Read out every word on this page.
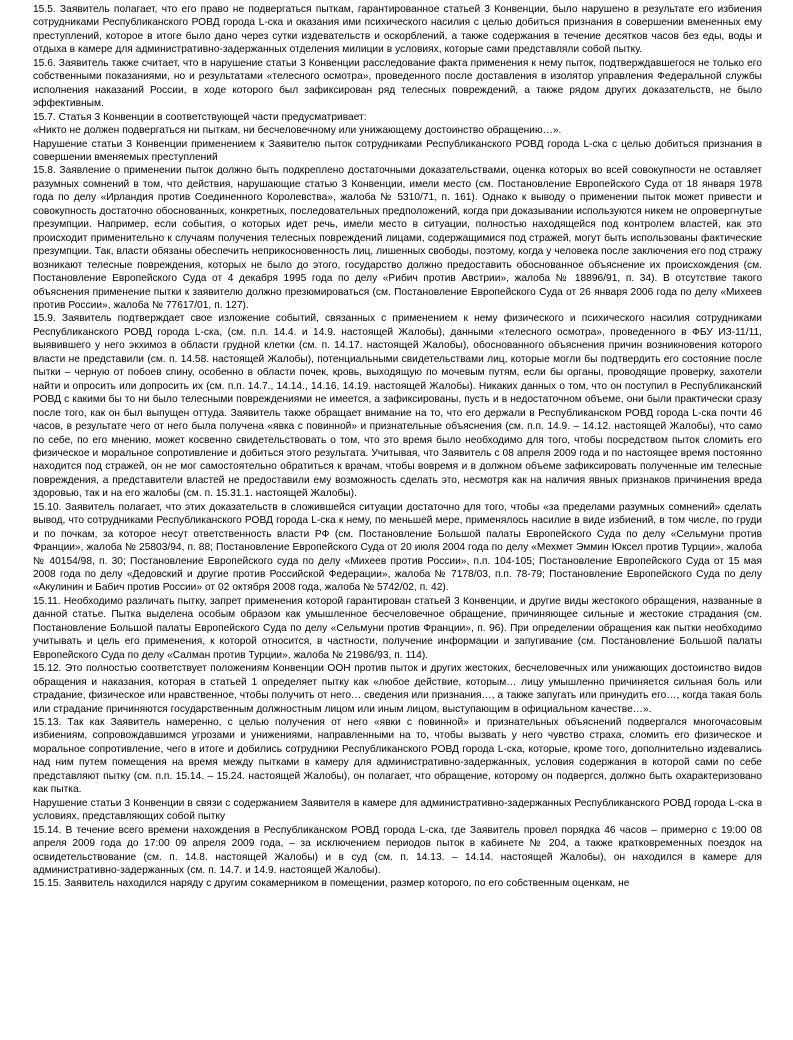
15.5. Заявитель полагает, что его право не подвергаться пыткам, гарантированное статьей 3 Конвенции, было нарушено в результате его избиения сотрудниками Республиканского РОВД города L-ска и оказания ими психического насилия с целью добиться признания в совершении вмененных ему преступлений, которое в итоге было дано через сутки издевательств и оскорблений, а также содержания в течение десятков часов без еды, воды и отдыха в камере для административно-задержанных отделения милиции в условиях, которые сами представляли собой пытку.

15.6. Заявитель также считает, что в нарушение статьи 3 Конвенции расследование факта применения к нему пыток, подтверждавшегося не только его собственными показаниями, но и результатами «телесного осмотра», проведенного после доставления в изолятор управления Федеральной службы исполнения наказаний России, в ходе которого был зафиксирован ряд телесных повреждений, а также рядом других доказательств, не было эффективным.

15.7. Статья 3 Конвенции в соответствующей части предусматривает:

«Никто не должен подвергаться ни пыткам, ни бесчеловечному или унижающему достоинство обращению…».

Нарушение статьи 3 Конвенции применением к Заявителю пыток сотрудниками Республиканского РОВД города L-ска с целью добиться признания в совершении вменяемых преступлений

15.8. Заявление о применении пыток должно быть подкреплено достаточными доказательствами, оценка которых во всей совокупности не оставляет разумных сомнений в том, что действия, нарушающие статью 3 Конвенции, имели место (см. Постановление Европейского Суда от 18 января 1978 года по делу «Ирландия против Соединенного Королевства», жалоба № 5310/71, п. 161). Однако к выводу о применении пыток может привести и совокупность достаточно обоснованных, конкретных, последовательных предположений, когда при доказывании используются никем не опровергнутые презумпции. Например, если события, о которых идет речь, имели место в ситуации, полностью находящейся под контролем властей, как это происходит применительно к случаям получения телесных повреждений лицами, содержащимися под стражей, могут быть использованы фактические презумпции. Так, власти обязаны обеспечить неприкосновенность лиц, лишенных свободы, поэтому, когда у человека после заключения его под стражу возникают телесные повреждения, которых не было до этого, государство должно предоставить обоснованное объяснение их происхождения (см. Постановление Европейского Суда от 4 декабря 1995 года по делу «Рибич против Австрии», жалоба № 18896/91, п. 34). В отсутствие такого объяснения применение пытки к заявителю должно презюмироваться (см. Постановление Европейского Суда от 26 января 2006 года по делу «Михеев против России», жалоба № 77617/01, п. 127).

15.9. Заявитель подтверждает свое изложение событий, связанных с применением к нему физического и психического насилия сотрудниками Республиканского РОВД города L-ска, (см. п.п. 14.4. и 14.9. настоящей Жалобы), данными «телесного осмотра», проведенного в ФБУ ИЗ-11/11, выявившего у него экхимоз в области грудной клетки (см. п. 14.17. настоящей Жалобы), обоснованного объяснения причин возникновения которого власти не представили (см. п. 14.58. настоящей Жалобы), потенциальными свидетельствами лиц, которые могли бы подтвердить его состояние после пытки – черную от побоев спину, особенно в области почек, кровь, выходящую по мочевым путям, если бы органы, проводящие проверку, захотели найти и опросить или допросить их (см. п.п. 14.7., 14.14., 14.16, 14.19. настоящей Жалобы). Никаких данных о том, что он поступил в Республиканский РОВД с какими бы то ни было телесными повреждениями не имеется, а зафиксированы, пусть и в недостаточном объеме, они были практически сразу после того, как он был выпущен оттуда. Заявитель также обращает внимание на то, что его держали в Республиканском РОВД города L-ска почти 46 часов, в результате чего от него была получена «явка с повинной» и признательные объяснения (см. п.п. 14.9. – 14.12. настоящей Жалобы), что само по себе, по его мнению, может косвенно свидетельствовать о том, что это время было необходимо для того, чтобы посредством пыток сломить его физическое и моральное сопротивление и добиться этого результата. Учитывая, что Заявитель с 08 апреля 2009 года и по настоящее время постоянно находится под стражей, он не мог самостоятельно обратиться к врачам, чтобы вовремя и в должном объеме зафиксировать полученные им телесные повреждения, а представители властей не предоставили ему возможность сделать это, несмотря как на наличия явных признаков причинения вреда здоровью, так и на его жалобы (см. п. 15.31.1. настоящей Жалобы).

15.10. Заявитель полагает, что этих доказательств в сложившейся ситуации достаточно для того, чтобы «за пределами разумных сомнений» сделать вывод, что сотрудниками Республиканского РОВД города L-ска к нему, по меньшей мере, применялось насилие в виде избиений, в том числе, по груди и по почкам, за которое несут ответственность власти РФ (см. Постановление Большой палаты Европейского Суда по делу «Сельмуни против Франции», жалоба № 25803/94, п. 88; Постановление Европейского Суда от 20 июля 2004 года по делу «Мехмет Эммин Юксел против Турции», жалоба № 40154/98, п. 30; Постановление Европейского суда по делу «Михеев против России», п.п. 104-105; Постановление Европейского Суда от 15 мая 2008 года по делу «Дедовский и другие против Российской Федерации», жалоба № 7178/03, п.п. 78-79; Постановление Европейского Суда по делу «Акулинин и Бабич против России» от 02 октября 2008 года, жалоба № 5742/02, п. 42).

15.11. Необходимо различать пытку, запрет применения которой гарантирован статьей 3 Конвенции, и другие виды жестокого обращения, названные в данной статье. Пытка выделена особым образом как умышленное бесчеловечное обращение, причиняющее сильные и жестокие страдания (см. Постановление Большой палаты Европейского Суда по делу «Сельмуни против Франции», п. 96). При определении обращения как пытки необходимо учитывать и цель его применения, к которой относится, в частности, получение информации и запугивание (см. Постановление Большой палаты Европейского Суда по делу «Салман против Турции», жалоба № 21986/93, п. 114).

15.12. Это полностью соответствует положениям Конвенции ООН против пыток и других жестоких, бесчеловечных или унижающих достоинство видов обращения и наказания, которая в статьей 1 определяет пытку как «любое действие, которым… лицу умышленно причиняется сильная боль или страдание, физическое или нравственное, чтобы получить от него… сведения или признания…, а также запугать или принудить его…, когда такая боль или страдание причиняются государственным должностным лицом или иным лицом, выступающим в официальном качестве…».

15.13. Так как Заявитель намеренно, с целью получения от него «явки с повинной» и признательных объяснений подвергался многочасовым избиениям, сопровождавшимся угрозами и унижениями, направленными на то, чтобы вызвать у него чувство страха, сломить его физическое и моральное сопротивление, чего в итоге и добились сотрудники Республиканского РОВД города L-ска, которые, кроме того, дополнительно издевались над ним путем помещения на время между пытками в камеру для административно-задержанных, условия содержания в которой сами по себе представляют пытку (см. п.п. 15.14. – 15.24. настоящей Жалобы), он полагает, что обращение, которому он подвергся, должно быть охарактеризовано как пытка.

Нарушение статьи 3 Конвенции в связи с содержанием Заявителя в камере для административно-задержанных Республиканского РОВД города L-ска в условиях, представляющих собой пытку

15.14. В течение всего времени нахождения в Республиканском РОВД города L-ска, где Заявитель провел порядка 46 часов – примерно с 19:00 08 апреля 2009 года до 17:00 09 апреля 2009 года, – за исключением периодов пыток в кабинете № 204, а также кратковременных поездок на освидетельствование (см. п. 14.8. настоящей Жалобы) и в суд (см. п. 14.13. – 14.14. настоящей Жалобы), он находился в камере для административно-задержанных (см. п. 14.7. и 14.9. настоящей Жалобы).

15.15. Заявитель находился наряду с другим сокамерником в помещении, размер которого, по его собственным оценкам, не
